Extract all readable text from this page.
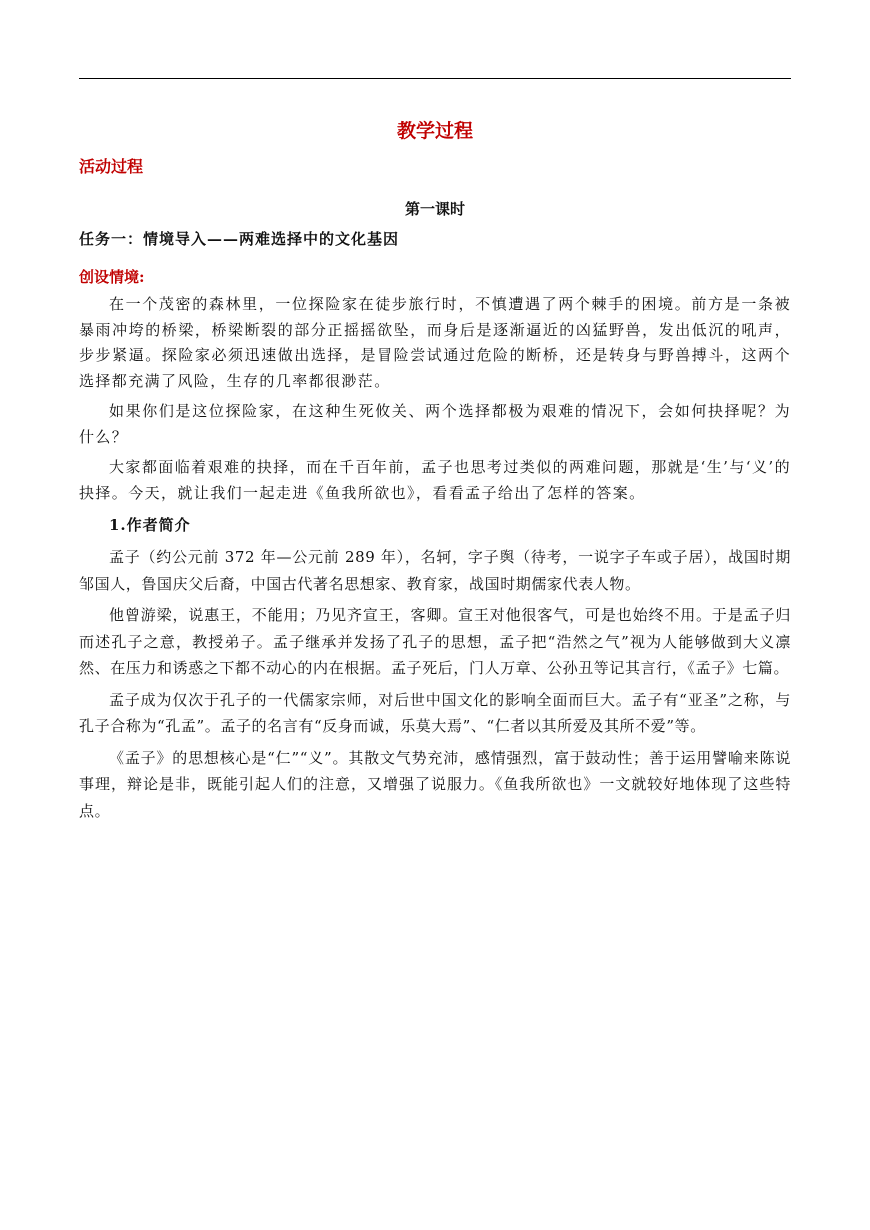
教学过程
活动过程
第一课时
任务一：情境导入——两难选择中的文化基因
创设情境:

在一个茂密的森林里，一位探险家在徒步旅行时，不慎遭遇了两个棘手的困境。前方是一条被暴雨冲垮的桥梁，桥梁断裂的部分正摇摇欲坠，而身后是逐渐逼近的凶猛野兽，发出低沉的吼声，步步紧逼。探险家必须迅速做出选择，是冒险尝试通过危险的断桥，还是转身与野兽搏斗，这两个选择都充满了风险，生存的几率都很渺茫。

如果你们是这位探险家，在这种生死攸关、两个选择都极为艰难的情况下，会如何抉择呢？为什么？

大家都面临着艰难的抉择，而在千百年前，孟子也思考过类似的两难问题，那就是‘生’与‘义’的抉择。今天，就让我们一起走进《鱼我所欲也》，看看孟子给出了怎样的答案。

1.作者简介

孟子（约公元前 372 年—公元前 289 年），名轲，字子舆（待考，一说字子车或子居），战国时期邹国人，鲁国庆父后裔，中国古代著名思想家、教育家，战国时期儒家代表人物。

他曾游梁，说惠王，不能用；乃见齐宣王，客卿。宣王对他很客气，可是也始终不用。于是孟子归而述孔子之意，教授弟子。孟子继承并发扬了孔子的思想，孟子把“浩然之气”视为人能够做到大义凛然、在压力和诱惑之下都不动心的内在根据。孟子死后，门人万章、公孙丑等记其言行，《孟子》七篇。

孟子成为仅次于孔子的一代儒家宗师，对后世中国文化的影响全面而巨大。孟子有“亚圣”之称，与孔子合称为“孔孟”。孟子的名言有“反身而诚，乐莫大焉”、“仁者以其所爱及其所不爱”等。

《孟子》的思想核心是“仁”“义”。其散文气势充沛，感情强烈，富于鼓动性；善于运用譬喻来陈说事理，辩论是非，既能引起人们的注意，又增强了说服力。《鱼我所欲也》一文就较好地体现了这些特点。
